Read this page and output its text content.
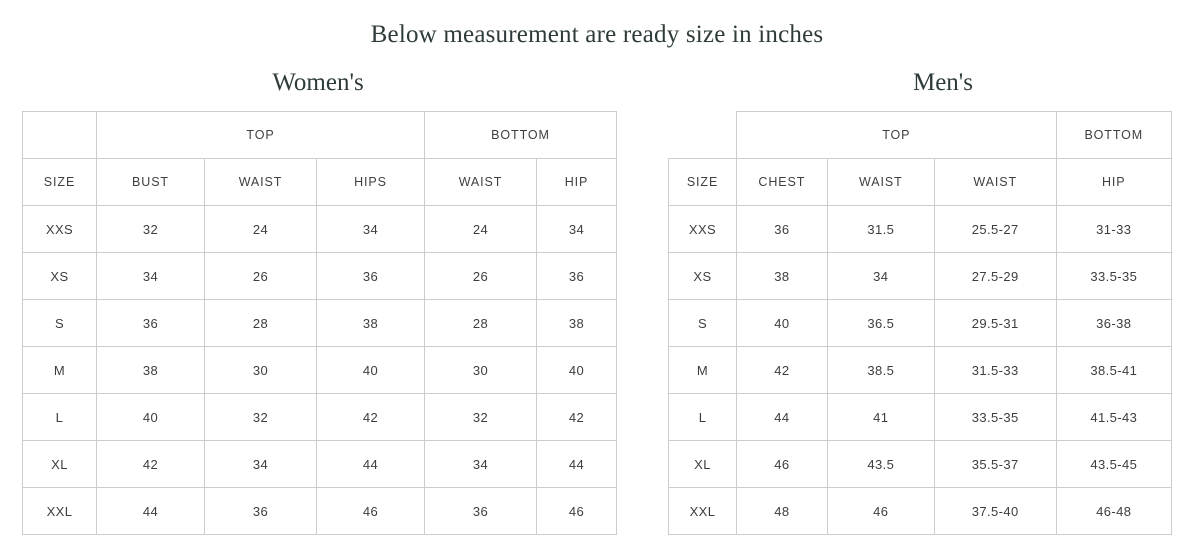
Below measurement are ready size in inches
Women's
	TOP			BOTTOM	
SIZE	BUST	WAIST	HIPS	WAIST	HIP
XXS	32	24	34	24	34
XS	34	26	36	26	36
S	36	28	38	28	38
M	38	30	40	30	40
L	40	32	42	32	42
XL	42	34	44	34	44
XXL	44	36	46	36	46
Men's
	TOP			BOTTOM
SIZE	CHEST	WAIST	WAIST	HIP
XXS	36	31.5	25.5-27	31-33
XS	38	34	27.5-29	33.5-35
S	40	36.5	29.5-31	36-38
M	42	38.5	31.5-33	38.5-41
L	44	41	33.5-35	41.5-43
XL	46	43.5	35.5-37	43.5-45
XXL	48	46	37.5-40	46-48
